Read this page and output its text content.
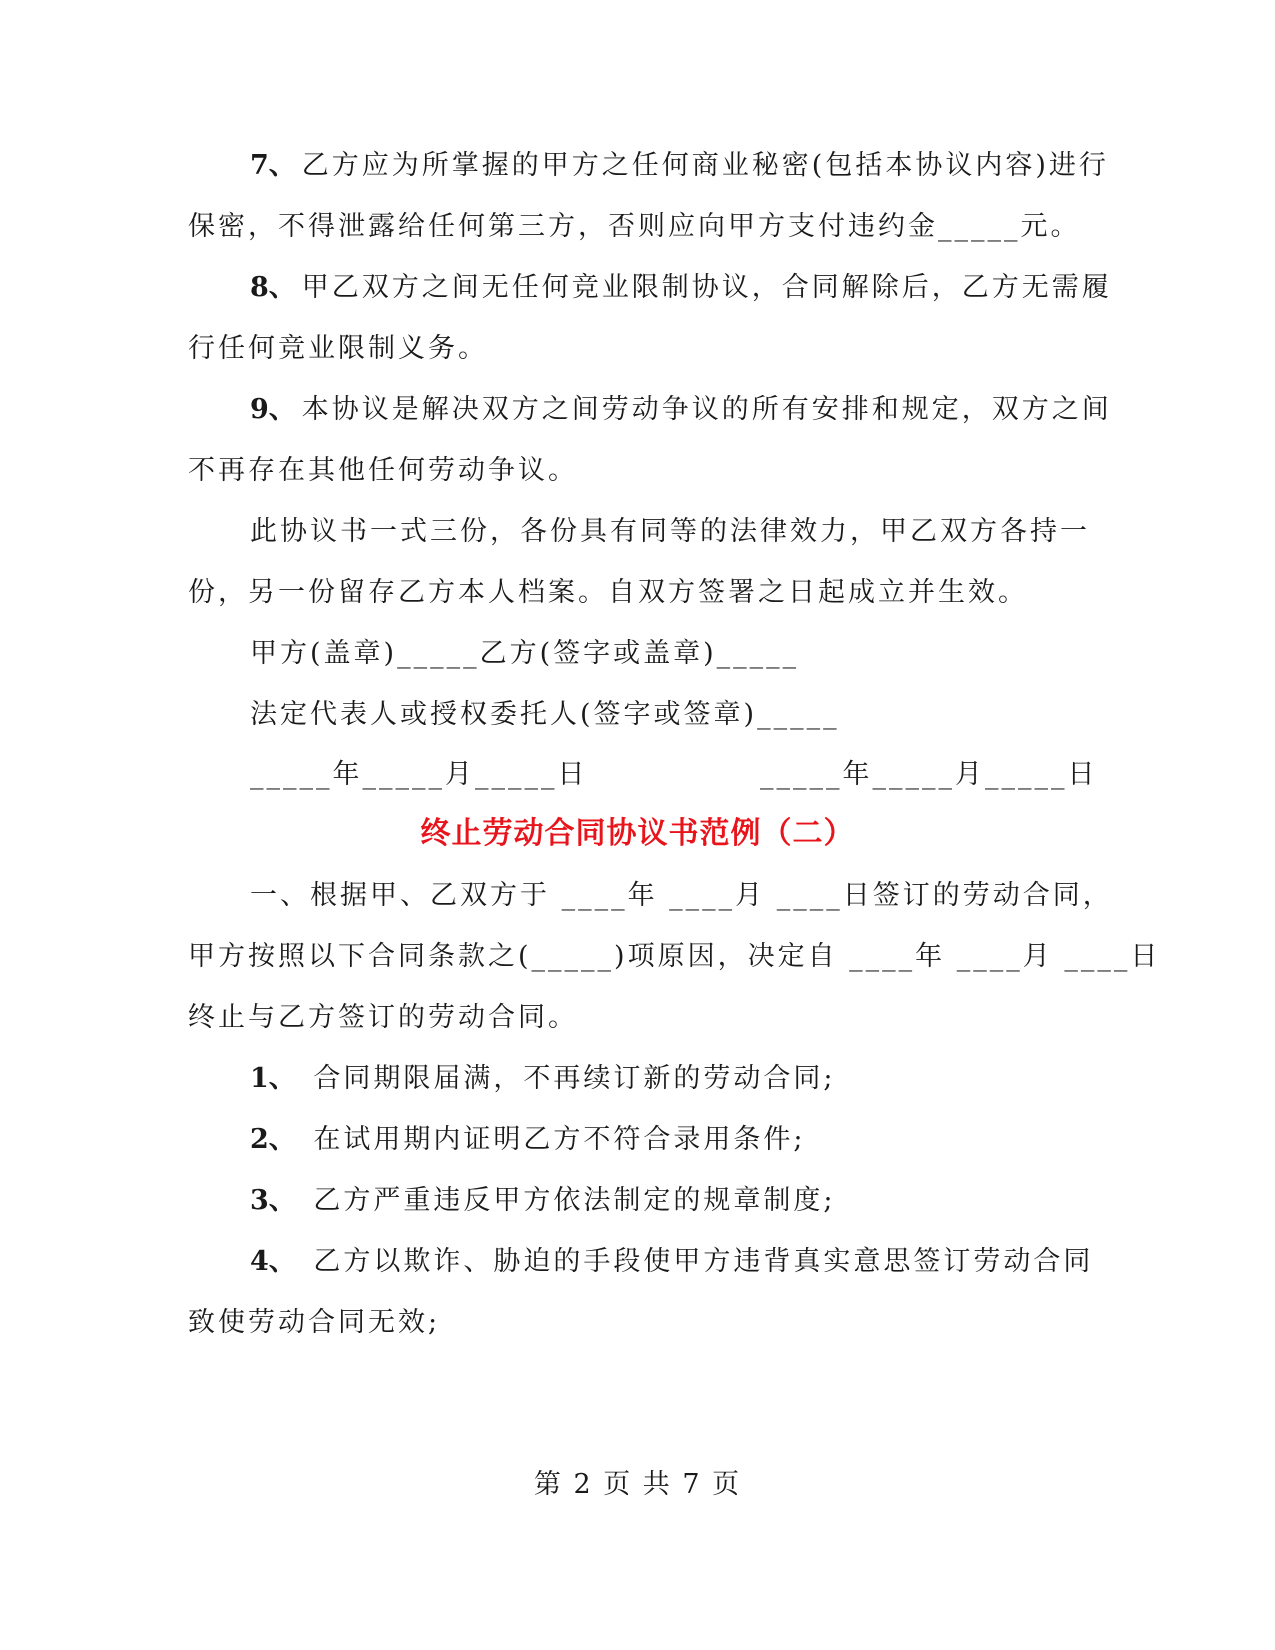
7、 乙方应为所掌握的甲方之任何商业秘密(包括本协议内容)进行
保密，不得泄露给任何第三方，否则应向甲方支付违约金_____元。
8、 甲乙双方之间无任何竞业限制协议，合同解除后，乙方无需履
行任何竞业限制义务。
9、 本协议是解决双方之间劳动争议的所有安排和规定，双方之间
不再存在其他任何劳动争议。
此协议书一式三份，各份具有同等的法律效力，甲乙双方各持一
份，另一份留存乙方本人档案。自双方签署之日起成立并生效。
甲方(盖章)_____乙方(签字或盖章)_____
法定代表人或授权委托人(签字或签章)_____
_____年_____月_____日	_____年_____月_____日
终止劳动合同协议书范例（二）
一、根据甲、乙双方于 ____年 ____月 ____日签订的劳动合同，
甲方按照以下合同条款之(_____)项原因，决定自 ____年 ____月 ____日
终止与乙方签订的劳动合同。
1、 合同期限届满，不再续订新的劳动合同;
2、 在试用期内证明乙方不符合录用条件;
3、 乙方严重违反甲方依法制定的规章制度;
4、 乙方以欺诈、胁迫的手段使甲方违背真实意思签订劳动合同
致使劳动合同无效;
第 2 页 共 7 页
